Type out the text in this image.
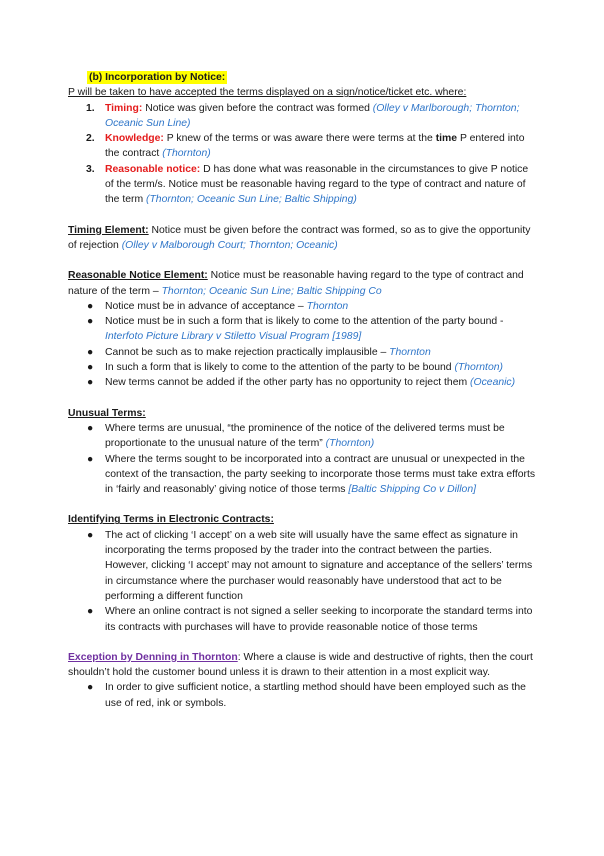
(b) Incorporation by Notice:

P will be taken to have accepted the terms displayed on a sign/notice/ticket etc. where:

1. Timing: Notice was given before the contract was formed (Olley v Marlborough; Thornton; Oceanic Sun Line)
2. Knowledge: P knew of the terms or was aware there were terms at the time P entered into the contract (Thornton)
3. Reasonable notice: D has done what was reasonable in the circumstances to give P notice of the term/s. Notice must be reasonable having regard to the type of contract and nature of the term (Thornton; Oceanic Sun Line; Baltic Shipping)

Timing Element: Notice must be given before the contract was formed, so as to give the opportunity of rejection (Olley v Malborough Court; Thornton; Oceanic)

Reasonable Notice Element: Notice must be reasonable having regard to the type of contract and nature of the term – Thornton; Oceanic Sun Line; Baltic Shipping Co

● Notice must be in advance of acceptance – Thornton
● Notice must be in such a form that is likely to come to the attention of the party bound - Interfoto Picture Library v Stiletto Visual Program [1989]
● Cannot be such as to make rejection practically implausible – Thornton
● In such a form that is likely to come to the attention of the party to be bound (Thornton)
● New terms cannot be added if the other party has no opportunity to reject them (Oceanic)

Unusual Terms:

● Where terms are unusual, “the prominence of the notice of the delivered terms must be proportionate to the unusual nature of the term” (Thornton)
● Where the terms sought to be incorporated into a contract are unusual or unexpected in the context of the transaction, the party seeking to incorporate those terms must take extra efforts in ‘fairly and reasonably’ giving notice of those terms [Baltic Shipping Co v Dillon]

Identifying Terms in Electronic Contracts:

● The act of clicking ‘I accept’ on a web site will usually have the same effect as signature in incorporating the terms proposed by the trader into the contract between the parties. However, clicking ‘I accept’ may not amount to signature and acceptance of the sellers’ terms in circumstance where the purchaser would reasonably have understood that act to be performing a different function
● Where an online contract is not signed a seller seeking to incorporate the standard terms into its contracts with purchases will have to provide reasonable notice of those terms

Exception by Denning in Thornton: Where a clause is wide and destructive of rights, then the court shouldn’t hold the customer bound unless it is drawn to their attention in a most explicit way.

● In order to give sufficient notice, a startling method should have been employed such as the use of red, ink or symbols.
